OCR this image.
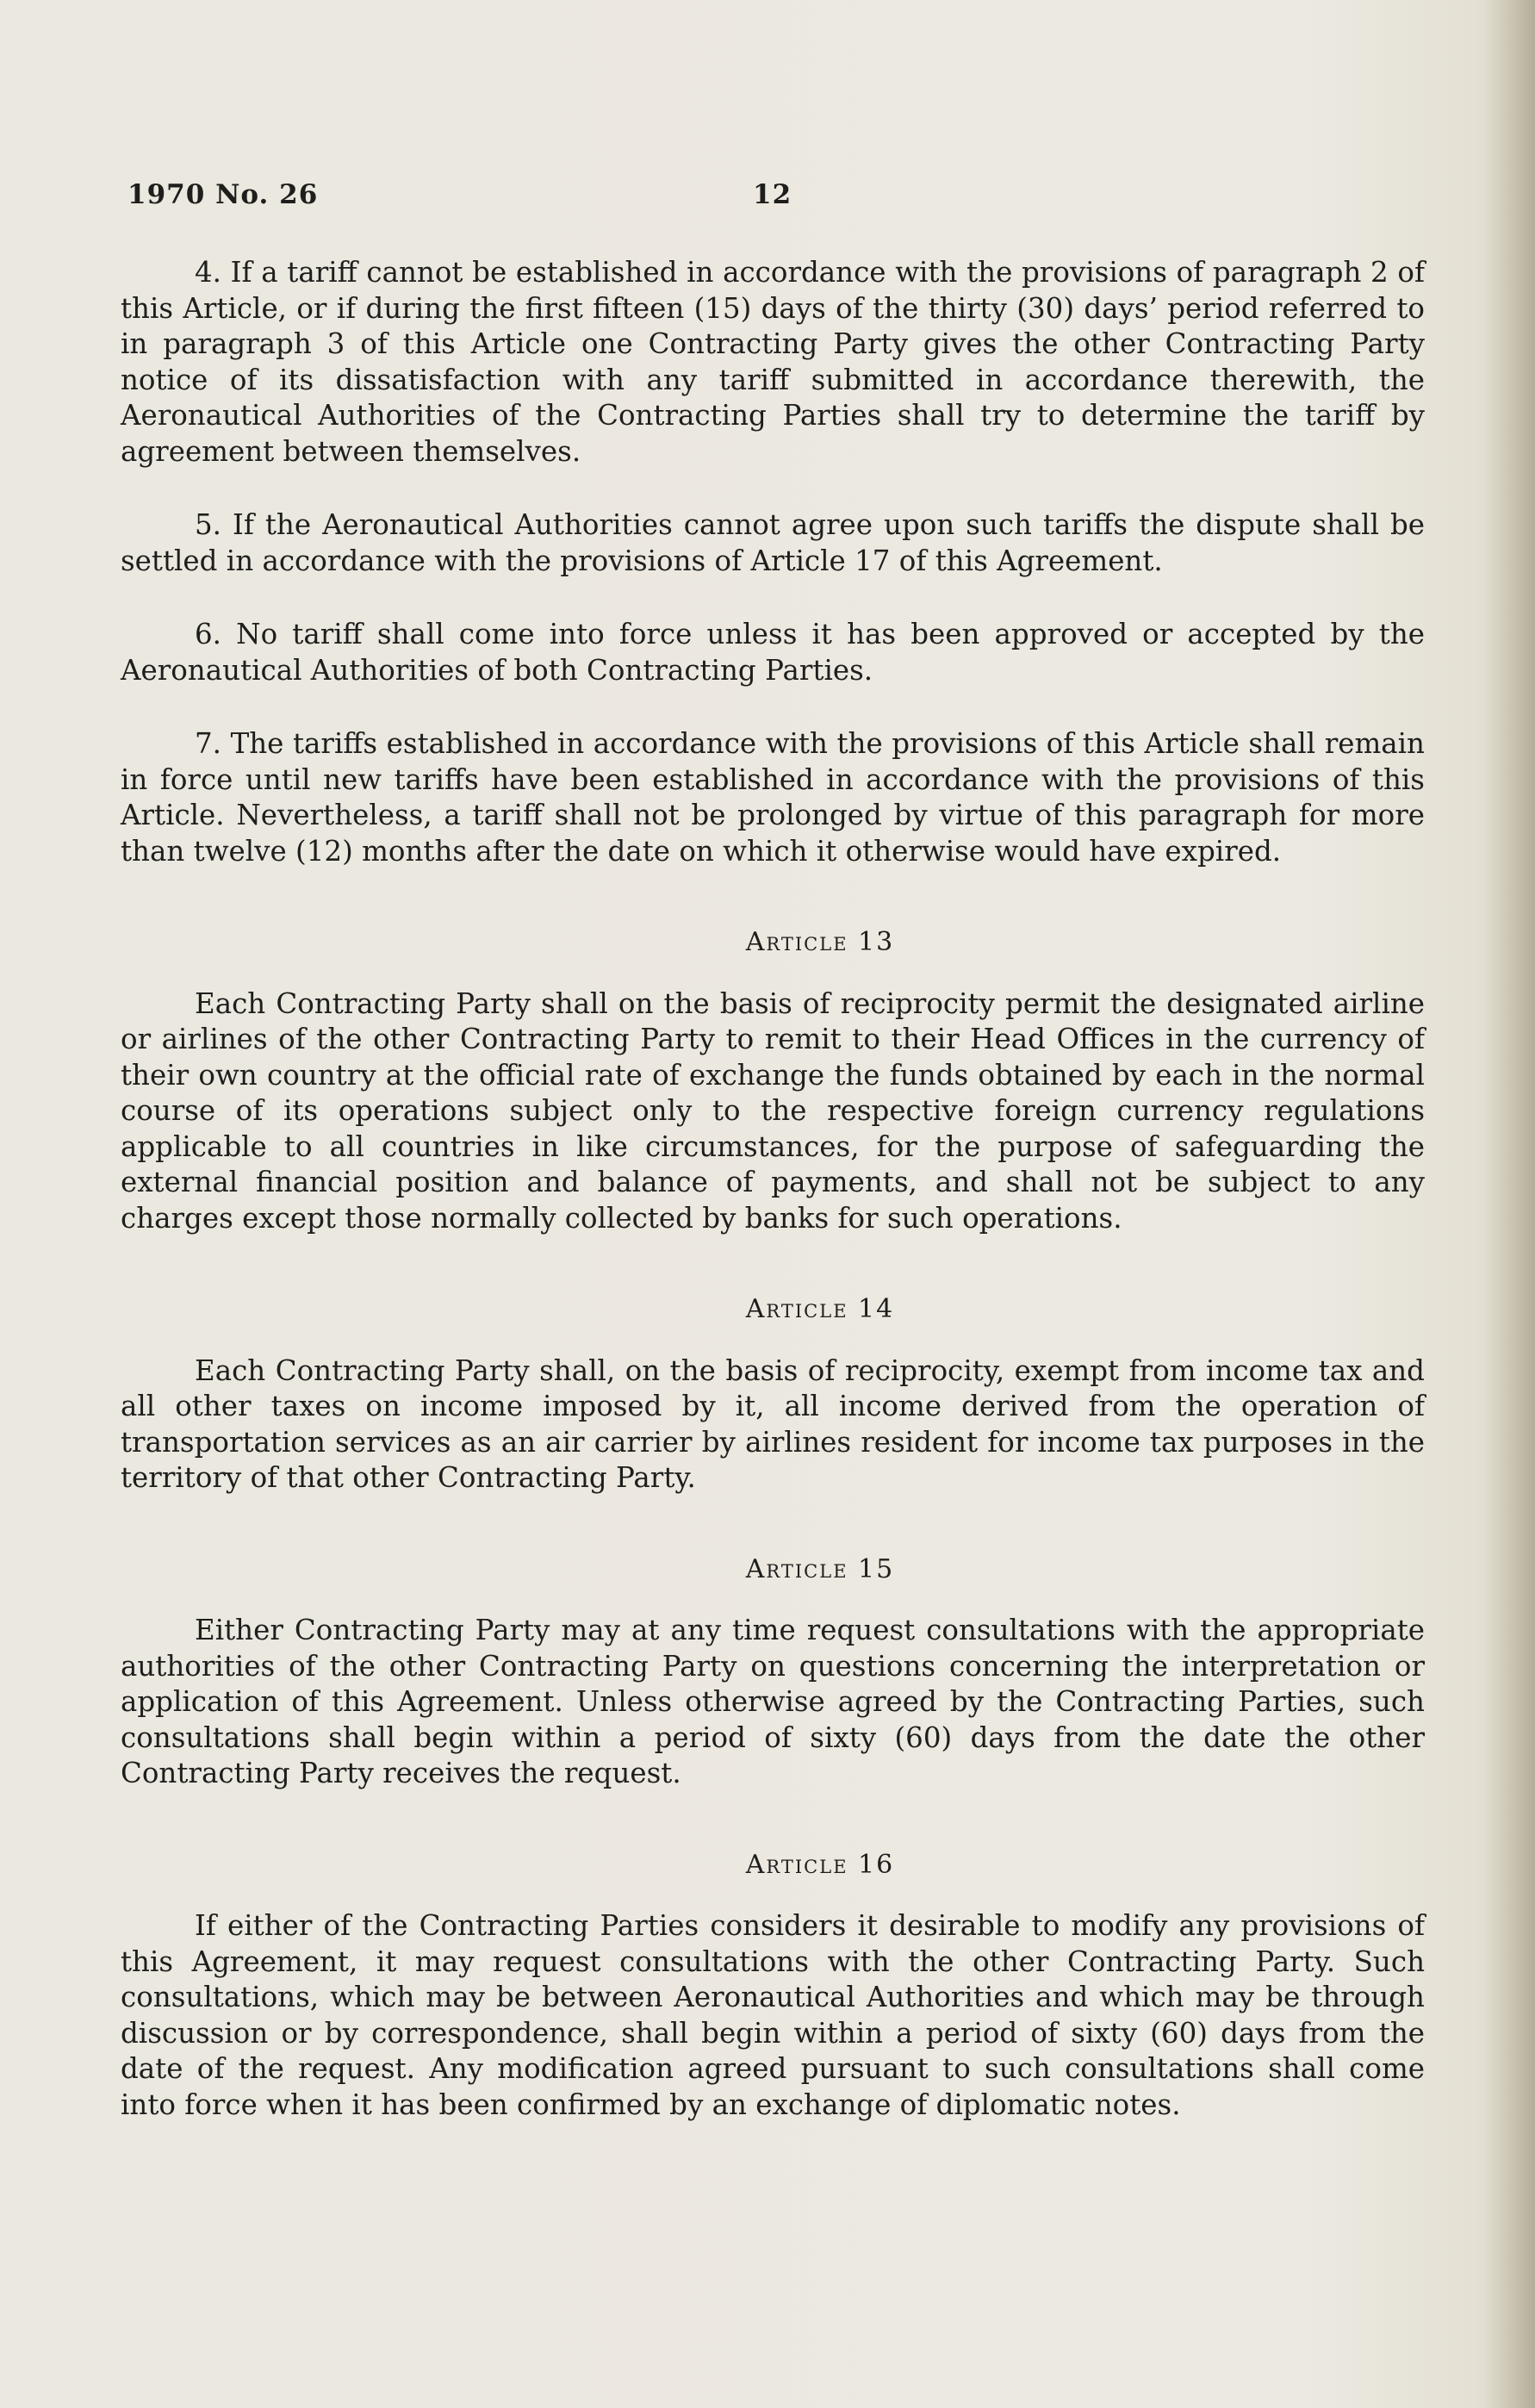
1970 No. 26	12

4. If a tariff cannot be established in accordance with the provisions of paragraph 2 of this Article, or if during the first fifteen (15) days of the thirty (30) days’ period referred to in paragraph 3 of this Article one Contracting Party gives the other Contracting Party notice of its dissatisfaction with any tariff submitted in accordance therewith, the Aeronautical Authorities of the Contracting Parties shall try to determine the tariff by agreement between themselves.

5. If the Aeronautical Authorities cannot agree upon such tariffs the dispute shall be settled in accordance with the provisions of Article 17 of this Agreement.

6. No tariff shall come into force unless it has been approved or accepted by the Aeronautical Authorities of both Contracting Parties.

7. The tariffs established in accordance with the provisions of this Article shall remain in force until new tariffs have been established in accordance with the provisions of this Article. Nevertheless, a tariff shall not be prolonged by virtue of this paragraph for more than twelve (12) months after the date on which it otherwise would have expired.

Article 13

Each Contracting Party shall on the basis of reciprocity permit the designated airline or airlines of the other Contracting Party to remit to their Head Offices in the currency of their own country at the official rate of exchange the funds obtained by each in the normal course of its operations subject only to the respective foreign currency regulations applicable to all countries in like circumstances, for the purpose of safeguarding the external financial position and balance of payments, and shall not be subject to any charges except those normally collected by banks for such operations.

Article 14

Each Contracting Party shall, on the basis of reciprocity, exempt from income tax and all other taxes on income imposed by it, all income derived from the operation of transportation services as an air carrier by airlines resident for income tax purposes in the territory of that other Contracting Party.

Article 15

Either Contracting Party may at any time request consultations with the appropriate authorities of the other Contracting Party on questions concerning the interpretation or application of this Agreement. Unless otherwise agreed by the Contracting Parties, such consultations shall begin within a period of sixty (60) days from the date the other Contracting Party receives the request.

Article 16

If either of the Contracting Parties considers it desirable to modify any provisions of this Agreement, it may request consultations with the other Contracting Party. Such consultations, which may be between Aeronautical Authorities and which may be through discussion or by correspondence, shall begin within a period of sixty (60) days from the date of the request. Any modification agreed pursuant to such consultations shall come into force when it has been confirmed by an exchange of diplomatic notes.
